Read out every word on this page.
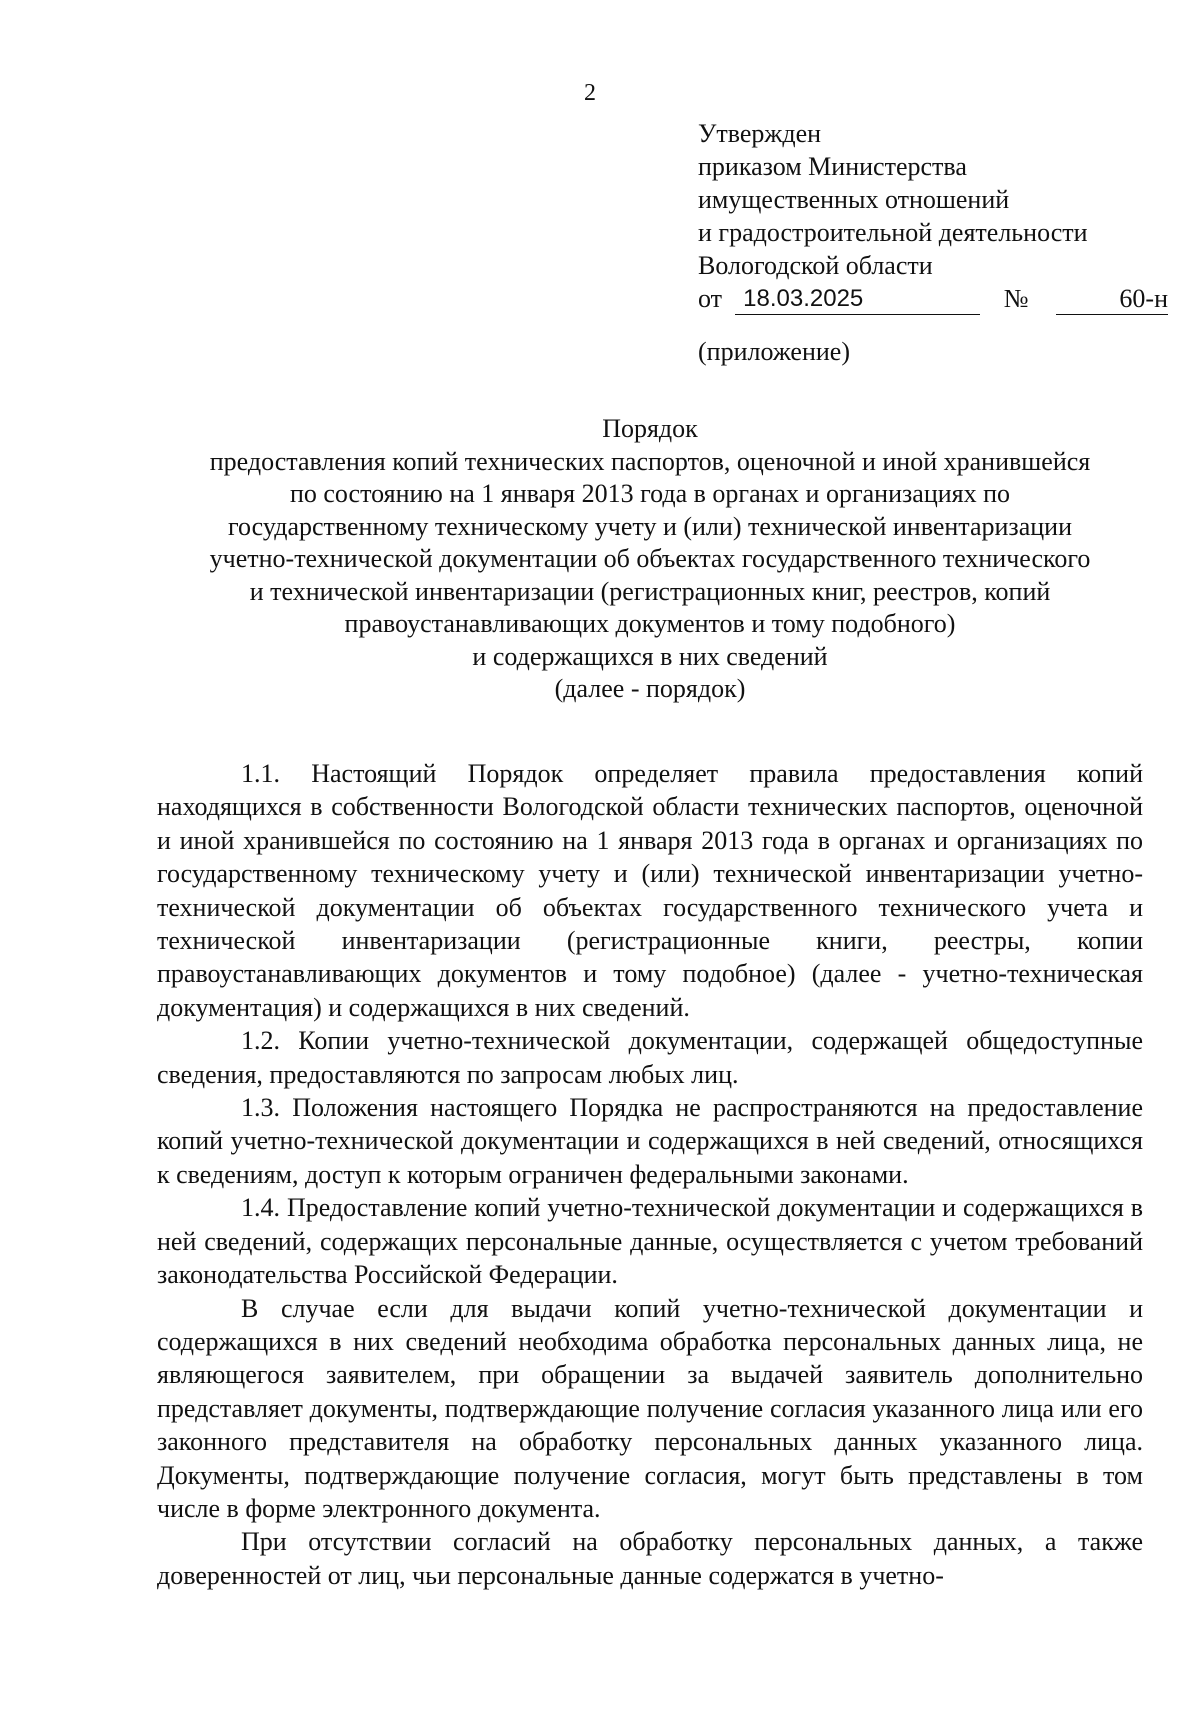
2
Утвержден
приказом Министерства
имущественных отношений
и градостроительной деятельности
Вологодской области
от 18.03.2025	№	60-н
(приложение)
Порядок
предоставления копий технических паспортов, оценочной и иной хранившейся
по состоянию на 1 января 2013 года в органах и организациях по
государственному техническому учету и (или) технической инвентаризации
учетно-технической документации об объектах государственного технического
и технической инвентаризации (регистрационных книг, реестров, копий
правоустанавливающих документов и тому подобного)
и содержащихся в них сведений
(далее - порядок)

1.1. Настоящий Порядок определяет правила предоставления копий находящихся в собственности Вологодской области технических паспортов, оценочной и иной хранившейся по состоянию на 1 января 2013 года в органах и организациях по государственному техническому учету и (или) технической инвентаризации учетно-технической документации об объектах государственного технического учета и технической инвентаризации (регистрационные книги, реестры, копии правоустанавливающих документов и тому подобное) (далее - учетно-техническая документация) и содержащихся в них сведений.

1.2. Копии учетно-технической документации, содержащей общедоступные сведения, предоставляются по запросам любых лиц.

1.3. Положения настоящего Порядка не распространяются на предоставление копий учетно-технической документации и содержащихся в ней сведений, относящихся к сведениям, доступ к которым ограничен федеральными законами.

1.4. Предоставление копий учетно-технической документации и содержащихся в ней сведений, содержащих персональные данные, осуществляется с учетом требований законодательства Российской Федерации.

В случае если для выдачи копий учетно-технической документации и содержащихся в них сведений необходима обработка персональных данных лица, не являющегося заявителем, при обращении за выдачей заявитель дополнительно представляет документы, подтверждающие получение согласия указанного лица или его законного представителя на обработку персональных данных указанного лица. Документы, подтверждающие получение согласия, могут быть представлены в том числе в форме электронного документа.

При отсутствии согласий на обработку персональных данных, а также доверенностей от лиц, чьи персональные данные содержатся в учетно-
